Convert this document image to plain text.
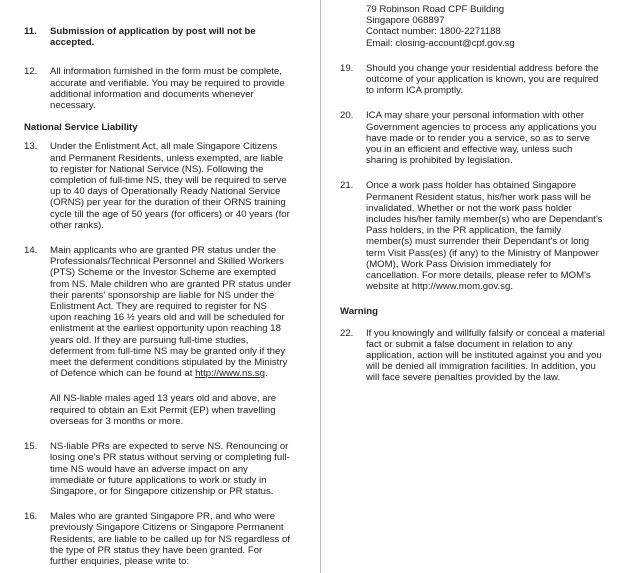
11.	Submission of application by post will not be
accepted.
12.	All information furnished in the form must be complete,
accurate and verifiable. You may be required to provide
additional information and documents whenever
necessary.
National Service Liability
13.	Under the Enlistment Act, all male Singapore Citizens
and Permanent Residents, unless exempted, are liable
to register for National Service (NS). Following the
completion of full-time NS, they will be required to serve
up to 40 days of Operationally Ready National Service
(ORNS) per year for the duration of their ORNS training
cycle till the age of 50 years (for officers) or 40 years (for
other ranks).
14.	Main applicants who are granted PR status under the
Professionals/Technical Personnel and Skilled Workers
(PTS) Scheme or the Investor Scheme are exempted
from NS. Male children who are granted PR status under
their parents' sponsorship are liable for NS under the
Enlistment Act. They are required to register for NS
upon reaching 16 ½ years old and will be scheduled for
enlistment at the earliest opportunity upon reaching 18
years old. If they are pursuing full-time studies,
deferment from full-time NS may be granted only if they
meet the deferment conditions stipulated by the Ministry
of Defence which can be found at http://www.ns.sg.
All NS-liable males aged 13 years old and above, are
required to obtain an Exit Permit (EP) when travelling
overseas for 3 months or more.
15.	NS-liable PRs are expected to serve NS. Renouncing or
losing one's PR status without serving or completing full-
time NS would have an adverse impact on any
immediate or future applications to work or study in
Singapore, or for Singapore citizenship or PR status.
16.	Males who are granted Singapore PR, and who were
previously Singapore Citizens or Singapore Permanent
Residents, are liable to be called up for NS regardless of
the type of PR status they have been granted. For
further enquiries, please write to:
79 Robinson Road CPF Building
Singapore 068897
Contact number: 1800-2271188
Email: closing-account@cpf.gov.sg
19.	Should you change your residential address before the
outcome of your application is known, you are required
to inform ICA promptly.
20.	ICA may share your personal information with other
Government agencies to process any applications you
have made or to render you a service, so as to serve
you in an efficient and effective way, unless such
sharing is prohibited by legislation.
21.	Once a work pass holder has obtained Singapore
Permanent Resident status, his/her work pass will be
invalidated. Whether or not the work pass holder
includes his/her family member(s) who are Dependant's
Pass holders, in the PR application, the family
member(s) must surrender their Dependant's or long
term Visit Pass(es) (if any) to the Ministry of Manpower
(MOM), Work Pass Division immediately for
cancellation. For more details, please refer to MOM's
website at http://www.mom.gov.sg.
Warning
22.	If you knowingly and willfully falsify or conceal a material
fact or submit a false document in relation to any
application, action will be instituted against you and you
will be denied all immigration facilities. In addition, you
will face severe penalties provided by the law.
